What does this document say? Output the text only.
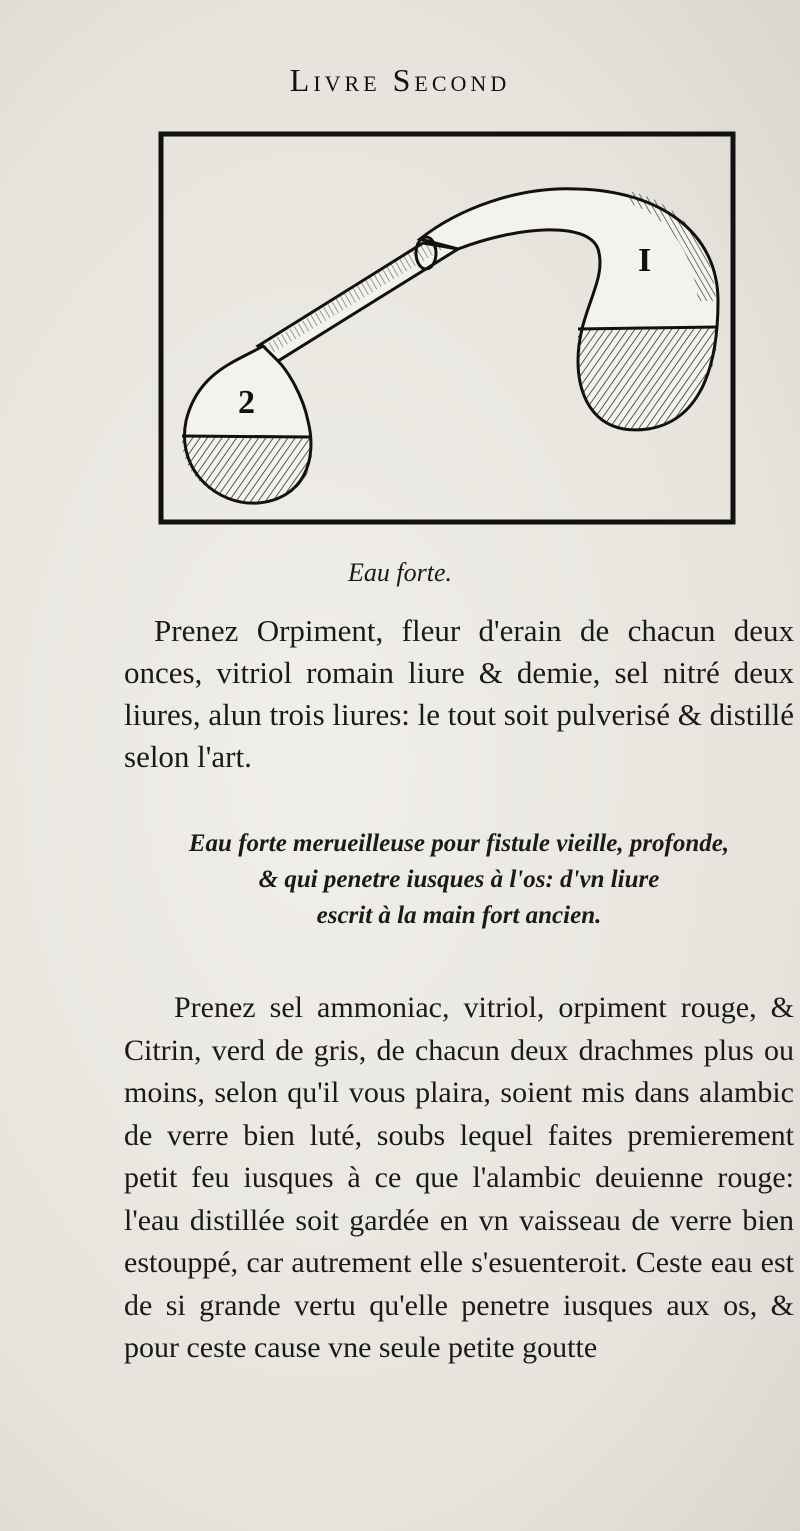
Livre Second
I
2
Eau forte.
Prenez Orpiment, fleur d'erain de chacun deux onces, vitriol romain liure & demie, sel nitré deux liures, alun trois liures: le tout soit pulverisé & distillé selon l'art.
Eau forte merueilleuse pour fistule vieille, profonde,
& qui penetre iusques à l'os: d'vn liure
escrit à la main fort ancien.
Prenez sel ammoniac, vitriol, orpiment rouge, & Citrin, verd de gris, de chacun deux drachmes plus ou moins, selon qu'il vous plaira, soient mis dans alambic de verre bien luté, soubs lequel faites premierement petit feu iusques à ce que l'alambic deuienne rouge: l'eau distillée soit gardée en vn vaisseau de verre bien estouppé, car autrement elle s'esuenteroit. Ceste eau est de si grande vertu qu'elle penetre iusques aux os, & pour ceste cause vne seule petite goutte
